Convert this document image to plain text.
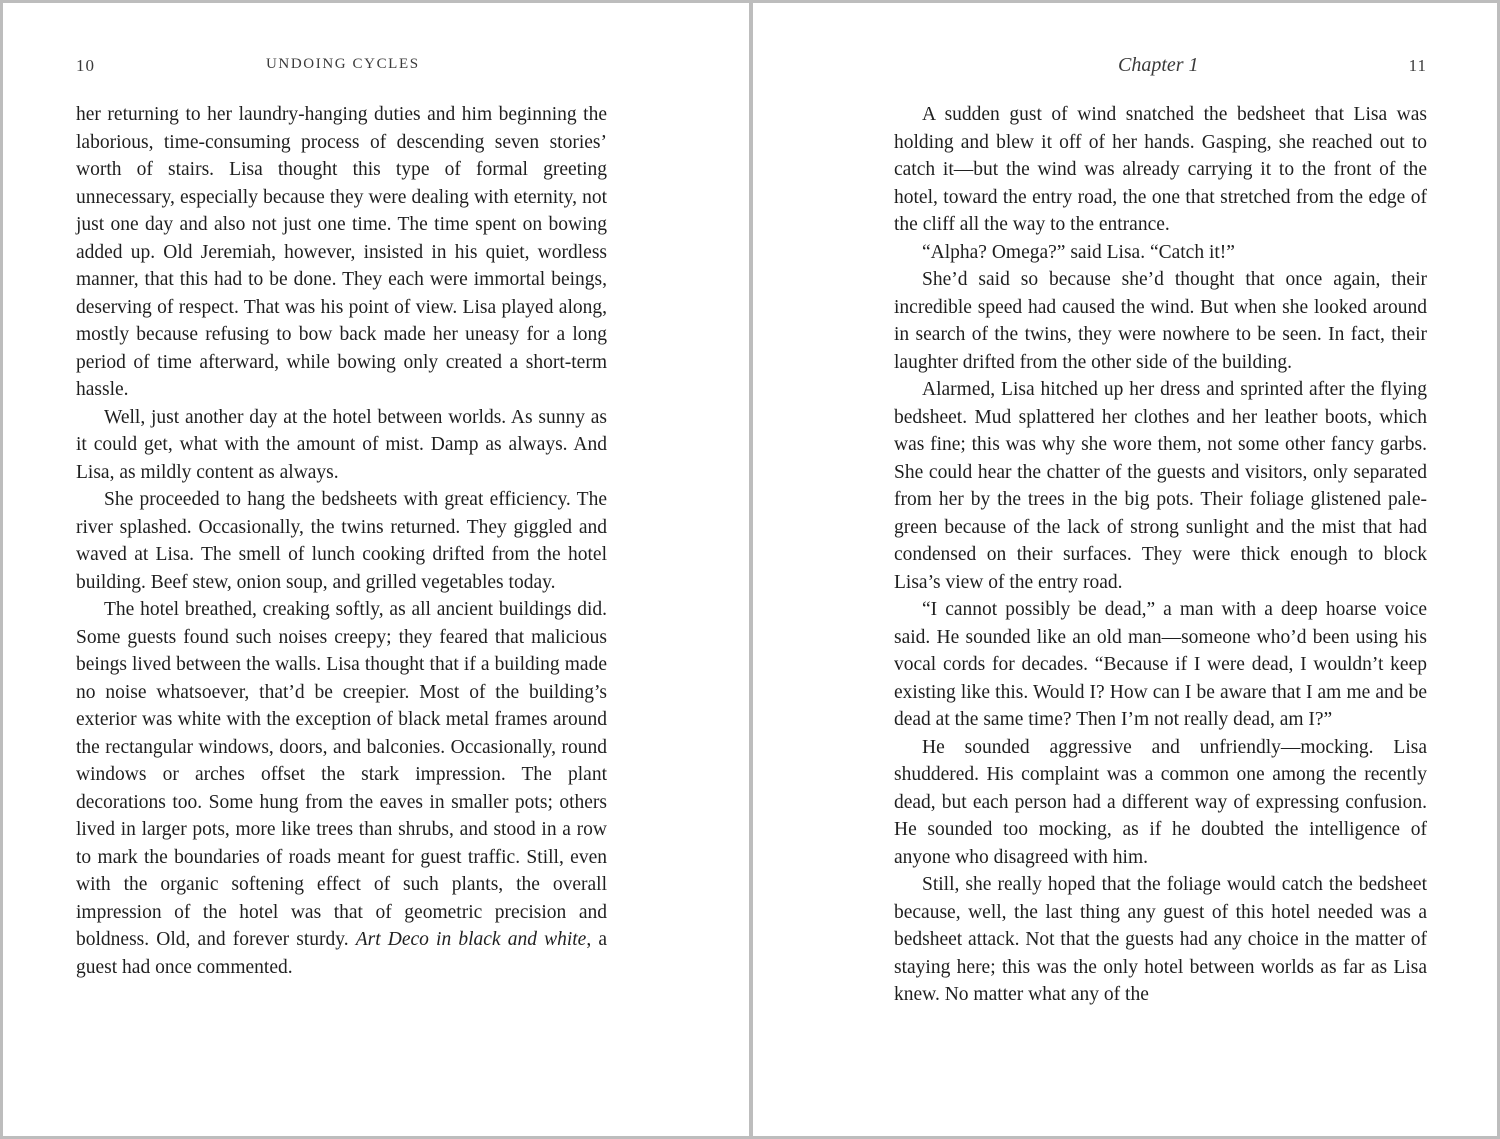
10	UNDOING CYCLES

her returning to her laundry-hanging duties and him beginning the laborious, time-consuming process of descending seven stories’ worth of stairs. Lisa thought this type of formal greeting unnecessary, especially because they were dealing with eternity, not just one day and also not just one time. The time spent on bowing added up. Old Jeremiah, however, insisted in his quiet, wordless manner, that this had to be done. They each were immortal beings, deserving of respect. That was his point of view. Lisa played along, mostly because refusing to bow back made her uneasy for a long period of time afterward, while bowing only created a short-term hassle.

Well, just another day at the hotel between worlds. As sunny as it could get, what with the amount of mist. Damp as always. And Lisa, as mildly content as always.

She proceeded to hang the bedsheets with great efficiency. The river splashed. Occasionally, the twins returned. They giggled and waved at Lisa. The smell of lunch cooking drifted from the hotel building. Beef stew, onion soup, and grilled vegetables today.

The hotel breathed, creaking softly, as all ancient buildings did. Some guests found such noises creepy; they feared that malicious beings lived between the walls. Lisa thought that if a building made no noise whatsoever, that’d be creepier. Most of the building’s exterior was white with the exception of black metal frames around the rectangular windows, doors, and balconies. Occasionally, round windows or arches offset the stark impression. The plant decorations too. Some hung from the eaves in smaller pots; others lived in larger pots, more like trees than shrubs, and stood in a row to mark the boundaries of roads meant for guest traffic. Still, even with the organic softening effect of such plants, the overall impression of the hotel was that of geometric precision and boldness. Old, and forever sturdy. Art Deco in black and white, a guest had once commented.

Chapter 1	11

A sudden gust of wind snatched the bedsheet that Lisa was holding and blew it off of her hands. Gasping, she reached out to catch it—but the wind was already carrying it to the front of the hotel, toward the entry road, the one that stretched from the edge of the cliff all the way to the entrance.

“Alpha? Omega?” said Lisa. “Catch it!”

She’d said so because she’d thought that once again, their incredible speed had caused the wind. But when she looked around in search of the twins, they were nowhere to be seen. In fact, their laughter drifted from the other side of the building.

Alarmed, Lisa hitched up her dress and sprinted after the flying bedsheet. Mud splattered her clothes and her leather boots, which was fine; this was why she wore them, not some other fancy garbs. She could hear the chatter of the guests and visitors, only separated from her by the trees in the big pots. Their foliage glistened pale-green because of the lack of strong sunlight and the mist that had condensed on their surfaces. They were thick enough to block Lisa’s view of the entry road.

“I cannot possibly be dead,” a man with a deep hoarse voice said. He sounded like an old man—someone who’d been using his vocal cords for decades. “Because if I were dead, I wouldn’t keep existing like this. Would I? How can I be aware that I am me and be dead at the same time? Then I’m not really dead, am I?”

He sounded aggressive and unfriendly—mocking. Lisa shuddered. His complaint was a common one among the recently dead, but each person had a different way of expressing confusion. He sounded too mocking, as if he doubted the intelligence of anyone who disagreed with him.

Still, she really hoped that the foliage would catch the bedsheet because, well, the last thing any guest of this hotel needed was a bedsheet attack. Not that the guests had any choice in the matter of staying here; this was the only hotel between worlds as far as Lisa knew. No matter what any of the
